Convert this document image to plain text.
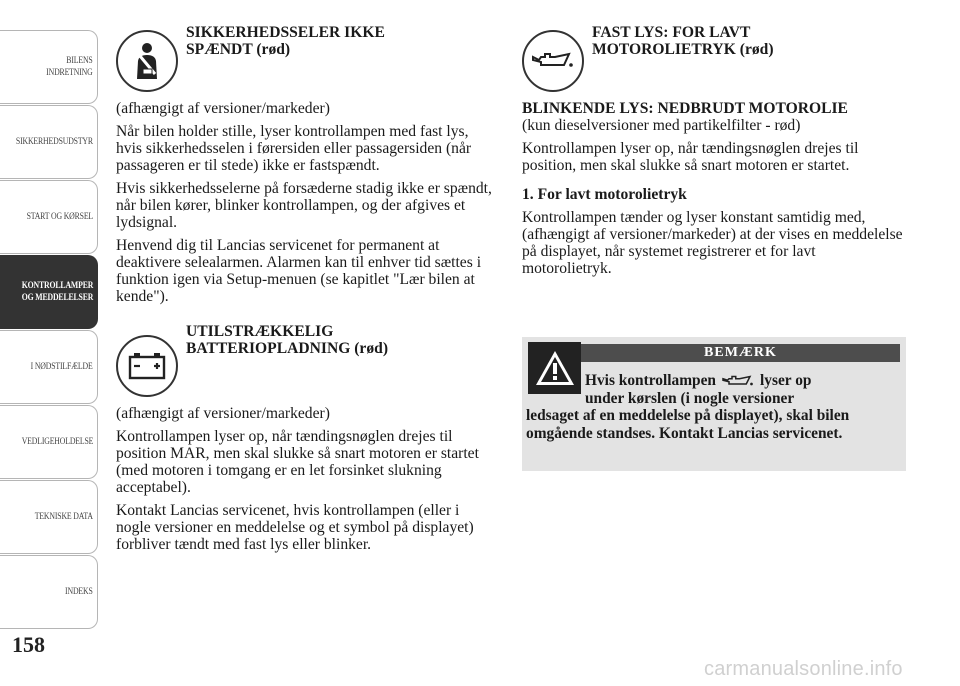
BILENS
INDRETNING
SIKKERHEDSUDSTYR
START OG KØRSEL
KONTROLLAMPER
OG MEDDELELSER
I NØDSTILFÆLDE
VEDLIGEHOLDELSE
TEKNISKE DATA
INDEKS
158
SIKKERHEDSSELER IKKE
SPÆNDT (rød)

(afhængigt af versioner/markeder)

Når bilen holder stille, lyser kontrollampen med fast lys, hvis sikkerhedsselen i førersiden eller passagersiden (når passageren er til stede) ikke er fastspændt.

Hvis sikkerhedsselerne på forsæderne stadig ikke er spændt, når bilen kører, blinker kontrollampen, og der afgives et lydsignal.

Henvend dig til Lancias servicenet for permanent at deaktivere selealarmen. Alarmen kan til enhver tid sættes i funktion igen via Setup-menuen (se kapitlet "Lær bilen at kende").

UTILSTRÆKKELIG
BATTERIOPLADNING (rød)

(afhængigt af versioner/markeder)

Kontrollampen lyser op, når tændingsnøglen drejes til position MAR, men skal slukke så snart motoren er startet (med motoren i tomgang er en let forsinket slukning acceptabel).

Kontakt Lancias servicenet, hvis kontrollampen (eller i nogle versioner en meddelelse og et symbol på displayet) forbliver tændt med fast lys eller blinker.

FAST LYS: FOR LAVT
MOTOROLIETRYK (rød)
BLINKENDE LYS: NEDBRUDT MOTOROLIE

(kun dieselversioner med partikelfilter - rød)

Kontrollampen lyser op, når tændingsnøglen drejes til position, men skal slukke så snart motoren er startet.

1. For lavt motorolietryk

Kontrollampen tænder og lyser konstant samtidig med, (afhængigt af versioner/markeder) at der vises en meddelelse på displayet, når systemet registrerer et for lavt motorolietryk.

BEMÆRK
Hvis kontrollampen	lyser op
under kørslen (i nogle versioner
ledsaget af en meddelelse på displayet), skal bilen omgående standses. Kontakt Lancias servicenet.
carmanualsonline.info
